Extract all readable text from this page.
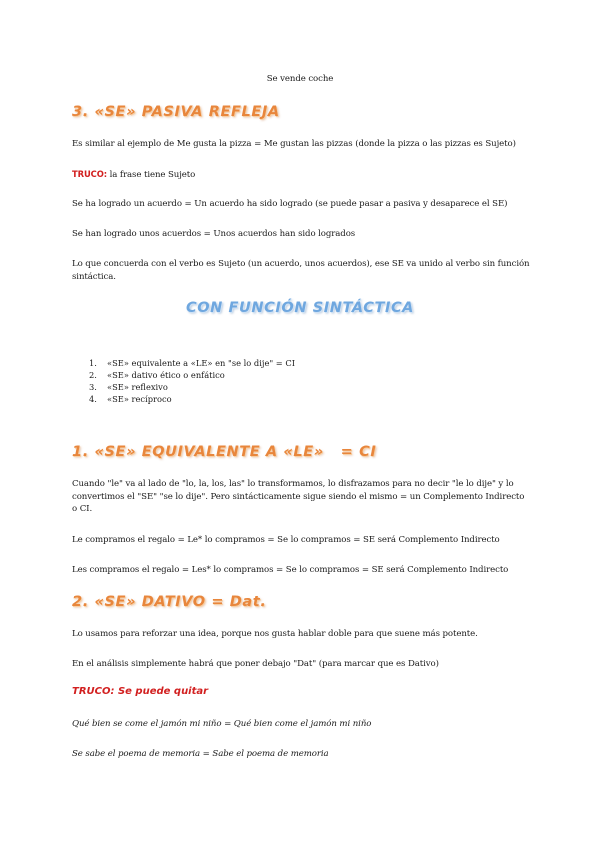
Se vende coche

3. «SE» PASIVA REFLEJA

Es similar al ejemplo de Me gusta la pizza = Me gustan las pizzas (donde la pizza o las pizzas es Sujeto)

TRUCO: la frase tiene Sujeto

Se ha logrado un acuerdo = Un acuerdo ha sido logrado (se puede pasar a pasiva y desaparece el SE)

Se han logrado unos acuerdos = Unos acuerdos han sido logrados

Lo que concuerda con el verbo es Sujeto (un acuerdo, unos acuerdos), ese SE va unido al verbo sin función sintáctica.

CON FUNCIÓN SINTÁCTICA
1.	«SE» equivalente a «LE» en "se lo dije" = CI
2.	«SE» dativo ético o enfático
3.	«SE» reflexivo
4.	«SE» recíproco
1. «SE» EQUIVALENTE A «LE»   = CI

Cuando "le" va al lado de "lo, la, los, las" lo transformamos, lo disfrazamos para no decir "le lo dije" y lo convertimos el "SE" "se lo dije". Pero sintácticamente sigue siendo el mismo = un Complemento Indirecto o CI.

Le compramos el regalo = Le* lo compramos = Se lo compramos = SE será Complemento Indirecto

Les compramos el regalo = Les* lo compramos = Se lo compramos = SE será Complemento Indirecto

2. «SE» DATIVO = Dat.

Lo usamos para reforzar una idea, porque nos gusta hablar doble para que suene más potente.

En el análisis simplemente habrá que poner debajo "Dat" (para marcar que es Dativo)

TRUCO: Se puede quitar

Qué bien se come el jamón mi niño = Qué bien come el jamón mi niño

Se sabe el poema de memoria = Sabe el poema de memoria
